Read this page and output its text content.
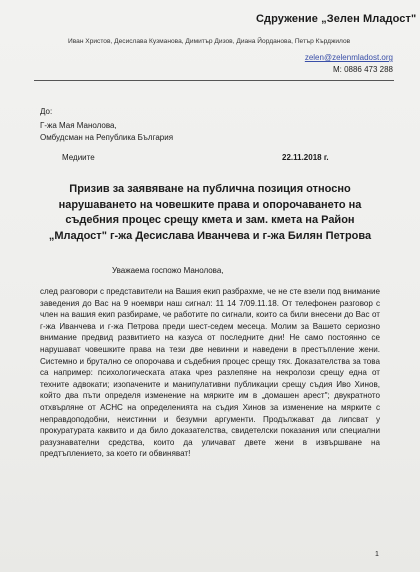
Сдружение „Зелен Младост"
Иван Христов, Десислава Кузманова, Димитър Дизов, Диана Йорданова, Петър Кърджилов
zelen@zelenmladost.org
M: 0886 473 288
До:
Г-жа Мая Манолова,
Омбудсман на Република България
Медиите	22.11.2018 г.
Призив за заявяване на публична позиция относно нарушаването на човешките права и опорочаването на съдебния процес срещу кмета и зам. кмета на Район „Младост" г-жа Десислава Иванчева и г-жа Билян Петрова
Уважаема госпожо Манолова,

след разговори с представители на Вашия екип разбрахме, че не сте взели под внимание заведения до Вас на 9 ноември наш сигнал: 11 14 7/09.11.18. От телефонен разговор с член на вашия екип разбираме, че работите по сигнали, които са били внесени до Вас от г-жа Иванчева и г-жа Петрова преди шест-седем месеца. Молим за Вашето сериозно внимание предвид развитието на казуса от последните дни! Не само постоянно се нарушават човешките права на тези две невинни и наведени в престъпление жени. Системно и брутално се опорочава и съдебния процес срещу тях. Доказателства за това са например: психологическата атака чрез разлепяне на некролози срещу една от техните адвокати; изопачените и манипулативни публикации срещу съдия Иво Хинов, който два пъти определя изменение на мярките им в „домашен арест"; двукратното отхвърляне от АСНС на определенията на съдия Хинов за изменение на мярките с неправдоподобни, неистинни и безумни аргументи. Продължават да липсват у прокуратурата каквито и да било доказателства, свидетелски показания или специални разузнавателни средства, които да уличават двете жени в извършване на предтъплението, за което ги обвиняват!

1
